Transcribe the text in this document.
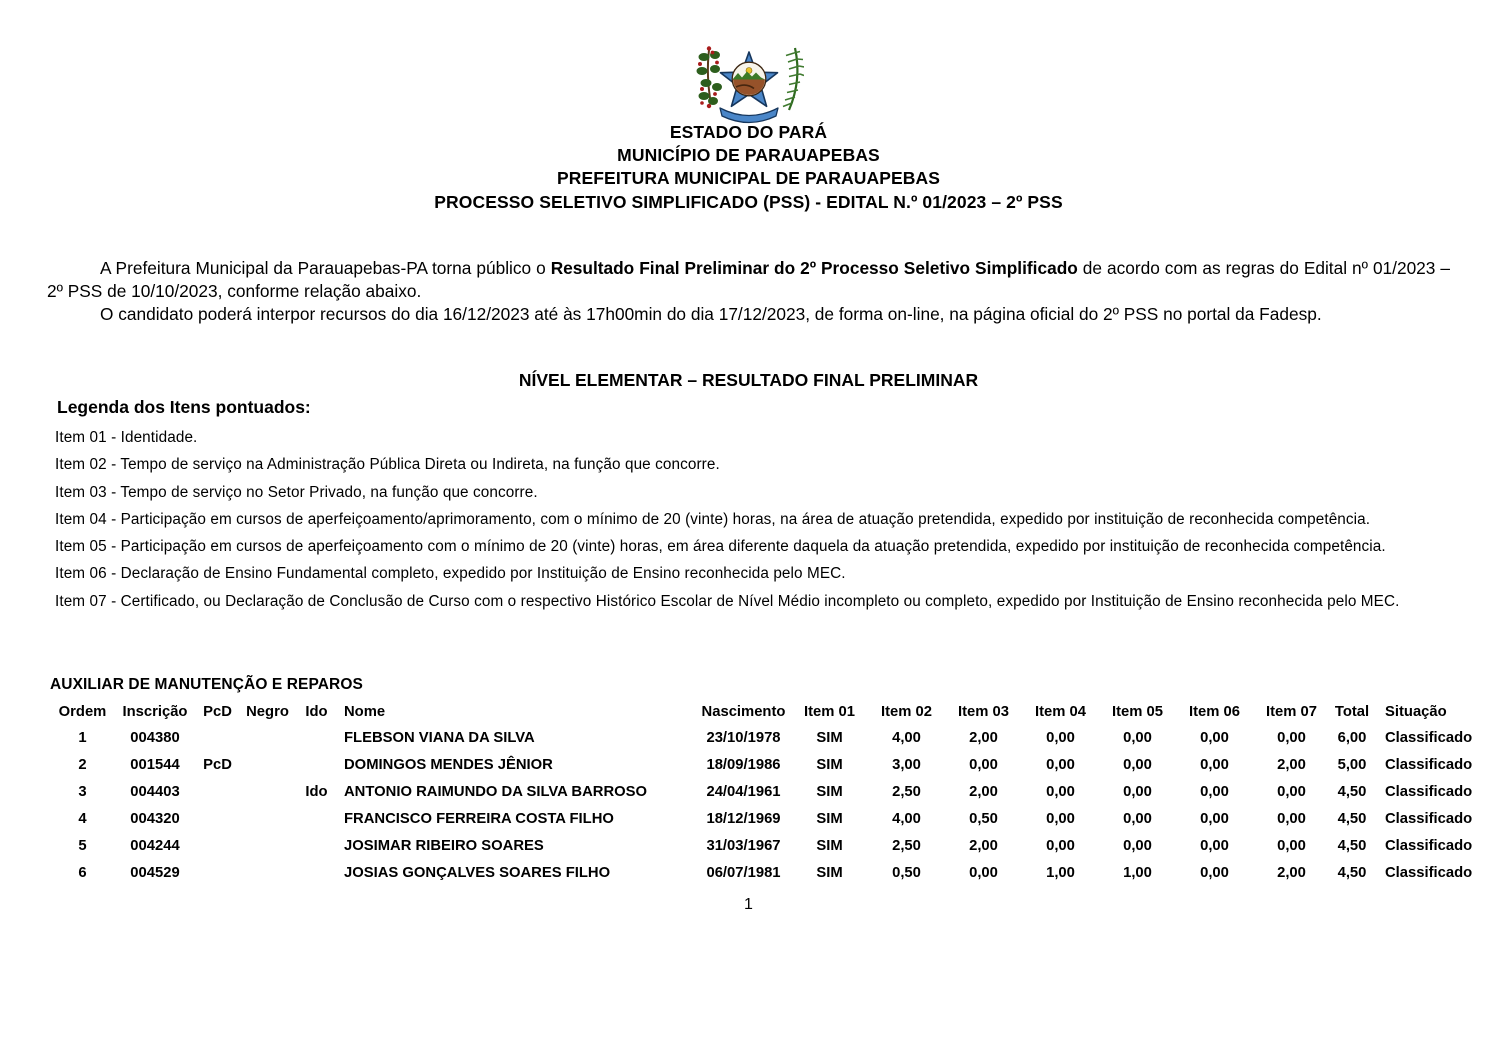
ESTADO DO PARÁ
MUNICÍPIO DE PARAUAPEBAS
PREFEITURA MUNICIPAL DE PARAUAPEBAS
PROCESSO SELETIVO SIMPLIFICADO (PSS) - EDITAL N.º 01/2023 – 2º PSS

A Prefeitura Municipal da Parauapebas-PA torna público o Resultado Final Preliminar do 2º Processo Seletivo Simplificado de acordo com as regras do Edital nº 01/2023 – 2º PSS de 10/10/2023, conforme relação abaixo.

O candidato poderá interpor recursos do dia 16/12/2023 até às 17h00min do dia 17/12/2023, de forma on-line, na página oficial do 2º PSS no portal da Fadesp.

NÍVEL ELEMENTAR – RESULTADO FINAL PRELIMINAR
Legenda dos Itens pontuados:
Item 01 - Identidade.
Item 02 - Tempo de serviço na Administração Pública Direta ou Indireta, na função que concorre.
Item 03 - Tempo de serviço no Setor Privado, na função que concorre.
Item 04 - Participação em cursos de aperfeiçoamento/aprimoramento, com o mínimo de 20 (vinte) horas, na área de atuação pretendida, expedido por instituição de reconhecida competência.
Item 05 - Participação em cursos de aperfeiçoamento com o mínimo de 20 (vinte) horas, em área diferente daquela da atuação pretendida, expedido por instituição de reconhecida competência.
Item 06 - Declaração de Ensino Fundamental completo, expedido por Instituição de Ensino reconhecida pelo MEC.
Item 07 - Certificado, ou Declaração de Conclusão de Curso com o respectivo Histórico Escolar de Nível Médio incompleto ou completo, expedido por Instituição de Ensino reconhecida pelo MEC.
AUXILIAR DE MANUTENÇÃO E REPAROS
Ordem	Inscrição	PcD	Negro	Ido	Nome	Nascimento	Item 01	Item 02	Item 03	Item 04	Item 05	Item 06	Item 07	Total	Situação
1	004380				FLEBSON VIANA DA SILVA	23/10/1978	SIM	4,00	2,00	0,00	0,00	0,00	0,00	6,00	Classificado
2	001544	PcD			DOMINGOS MENDES JÊNIOR	18/09/1986	SIM	3,00	0,00	0,00	0,00	0,00	2,00	5,00	Classificado
3	004403			Ido	ANTONIO RAIMUNDO DA SILVA BARROSO	24/04/1961	SIM	2,50	2,00	0,00	0,00	0,00	0,00	4,50	Classificado
4	004320				FRANCISCO FERREIRA COSTA FILHO	18/12/1969	SIM	4,00	0,50	0,00	0,00	0,00	0,00	4,50	Classificado
5	004244				JOSIMAR RIBEIRO SOARES	31/03/1967	SIM	2,50	2,00	0,00	0,00	0,00	0,00	4,50	Classificado
6	004529				JOSIAS GONÇALVES SOARES FILHO	06/07/1981	SIM	0,50	0,00	1,00	1,00	0,00	2,00	4,50	Classificado
1
